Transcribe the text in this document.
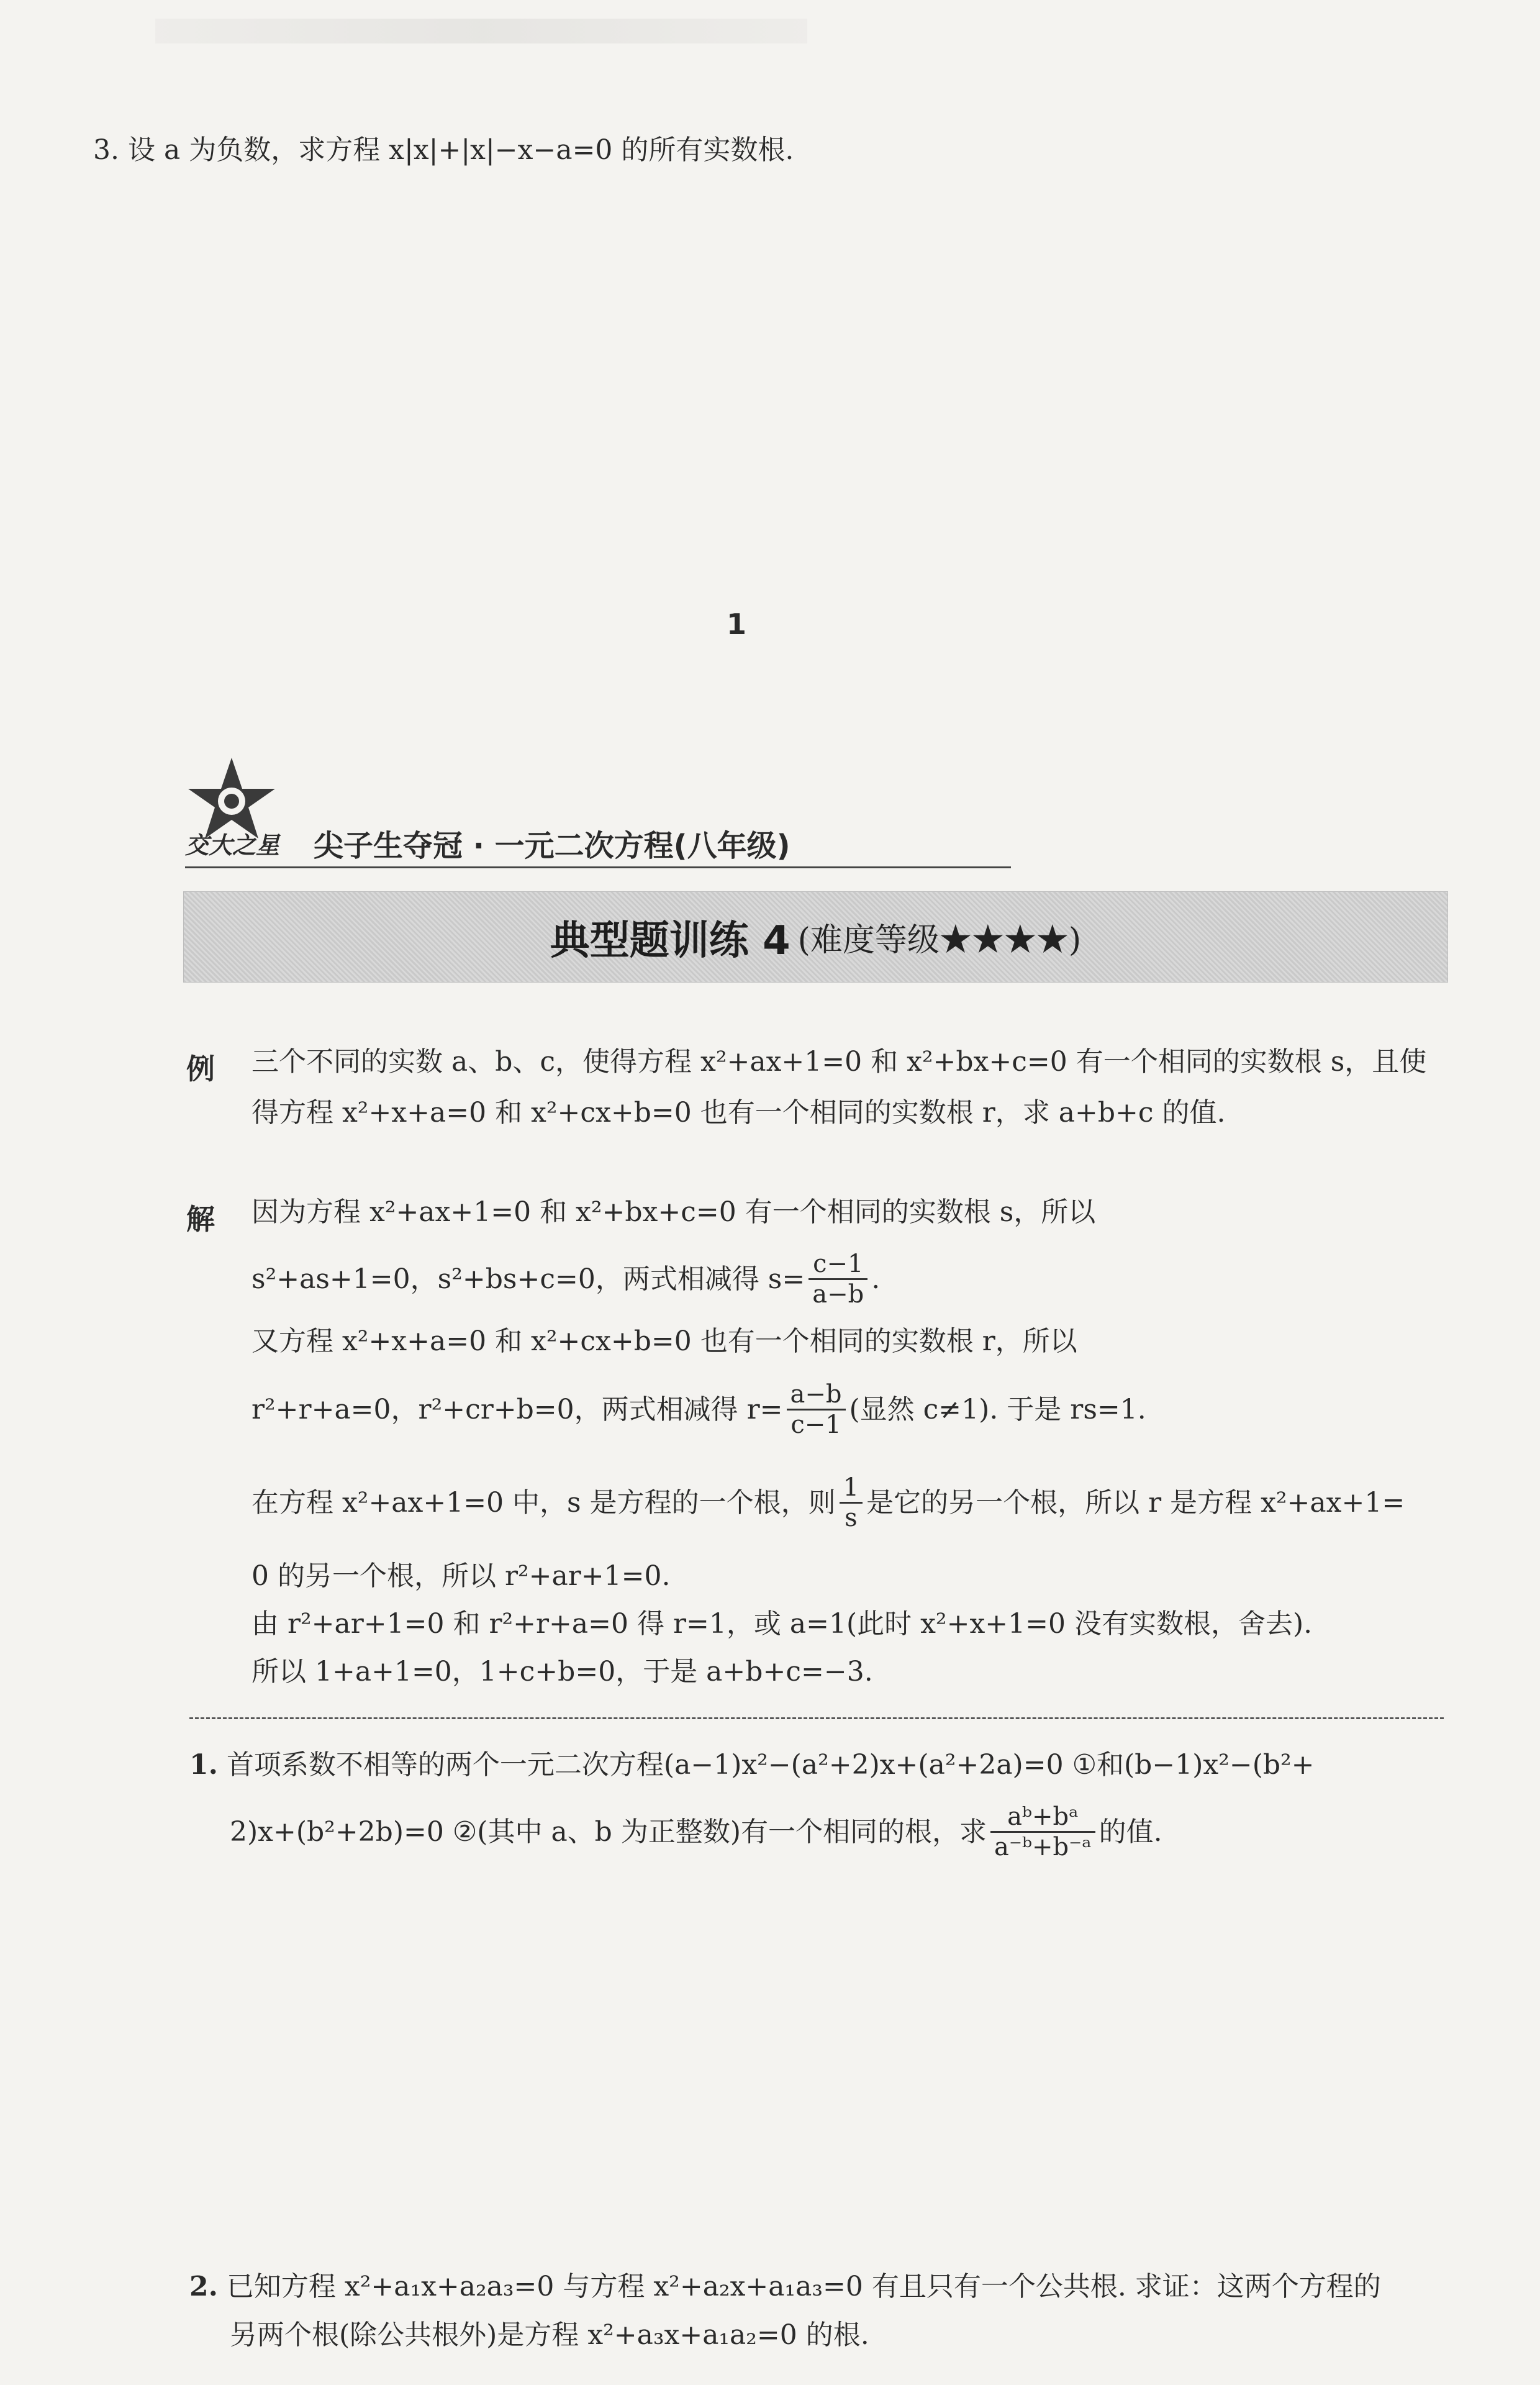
3. 设 a 为负数，求方程 x|x|+|x|−x−a=0 的所有实数根.
1
交大之星 尖子生夺冠 · 一元二次方程(八年级)
典型题训练 4 (难度等级★★★★)
例 三个不同的实数 a、b、c，使得方程 x²+ax+1=0 和 x²+bx+c=0 有一个相同的实数根 s，且使
得方程 x²+x+a=0 和 x²+cx+b=0 也有一个相同的实数根 r，求 a+b+c 的值.
解 因为方程 x²+ax+1=0 和 x²+bx+c=0 有一个相同的实数根 s，所以
s²+as+1=0，s²+bs+c=0，两式相减得 $s= \frac{c-1}{a-b}$ .
又方程 x²+x+a=0 和 x²+cx+b=0 也有一个相同的实数根 r，所以
r²+r+a=0，r²+cr+b=0，两式相减得 $r= \frac{a-b}{c-1}$ (显然 c≠1). 于是 rs=1.
在方程 x²+ax+1=0 中，s 是方程的一个根，则 $\frac{1}{s}$ 是它的另一个根，所以 r 是方程 x²+ax+1=
0 的另一个根，所以 r²+ar+1=0.
由 r²+ar+1=0 和 r²+r+a=0 得 r=1，或 a=1(此时 x²+x+1=0 没有实数根，舍去).
所以 1+a+1=0，1+c+b=0，于是 a+b+c=−3.
1. 首项系数不相等的两个一元二次方程(a−1)x²−(a²+2)x+(a²+2a)=0 ①和(b−1)x²−(b²+
2)x+(b²+2b)=0 ②(其中 a、b 为正整数)有一个相同的根，求 $\frac{\text{aᵇ+bᵃ}}{\text{a⁻ᵇ+b⁻ᵃ}}$ 的值.
2. 已知方程 x²+a₁x+a₂a₃=0 与方程 x²+a₂x+a₁a₃=0 有且只有一个公共根. 求证：这两个方程的
另两个根(除公共根外)是方程 x²+a₃x+a₁a₂=0 的根.
